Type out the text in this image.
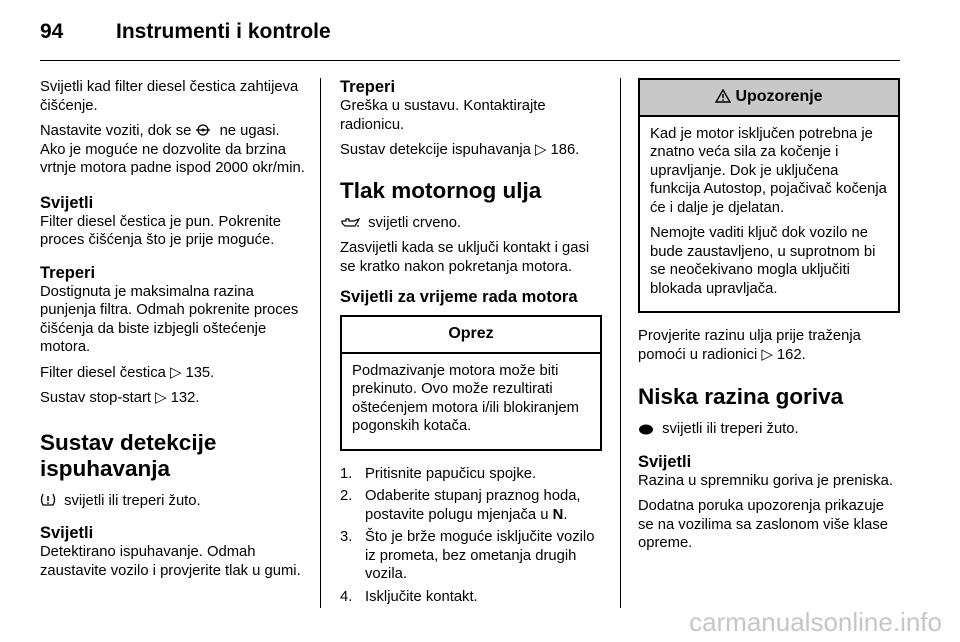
94	Instrumenti i kontrole

Svijetli kad filter diesel čestica zahtijeva čišćenje.

Nastavite voziti, dok se ne ugasi. Ako je moguće ne dozvolite da brzina vrtnje motora padne ispod 2000 okr/min.

Svijetli

Filter diesel čestica je pun. Pokrenite proces čišćenja što je prije moguće.

Treperi

Dostignuta je maksimalna razina punjenja filtra. Odmah pokrenite proces čišćenja da biste izbjegli oštećenje motora.

Filter diesel čestica ▷ 135.

Sustav stop-start ▷ 132.

Sustav detekcije ispuhavanja

svijetli ili treperi žuto.

Svijetli

Detektirano ispuhavanje. Odmah zaustavite vozilo i provjerite tlak u gumi.

Treperi

Greška u sustavu. Kontaktirajte radionicu.

Sustav detekcije ispuhavanja ▷ 186.

Tlak motornog ulja

svijetli crveno.

Zasvijetli kada se uključi kontakt i gasi se kratko nakon pokretanja motora.

Svijetli za vrijeme rada motora
Oprez

Podmazivanje motora može biti prekinuto. Ovo može rezultirati oštećenjem motora i/ili blokiranjem pogonskih kotača.

1. Pritisnite papučicu spojke.
2. Odaberite stupanj praznog hoda, postavite polugu mjenjača u N.
3. Što je brže moguće isključite vozilo iz prometa, bez ometanja drugih vozila.
4. Isključite kontakt.
Upozorenje

Kad je motor isključen potrebna je znatno veća sila za kočenje i upravljanje. Dok je uključena funkcija Autostop, pojačivač kočenja će i dalje je djelatan.

Nemojte vaditi ključ dok vozilo ne bude zaustavljeno, u suprotnom bi se neočekivano mogla uključiti blokada upravljača.

Provjerite razinu ulja prije traženja pomoći u radionici ▷ 162.

Niska razina goriva

svijetli ili treperi žuto.

Svijetli

Razina u spremniku goriva je preniska.

Dodatna poruka upozorenja prikazuje se na vozilima sa zaslonom više klase opreme.

carmanualsonline.info
